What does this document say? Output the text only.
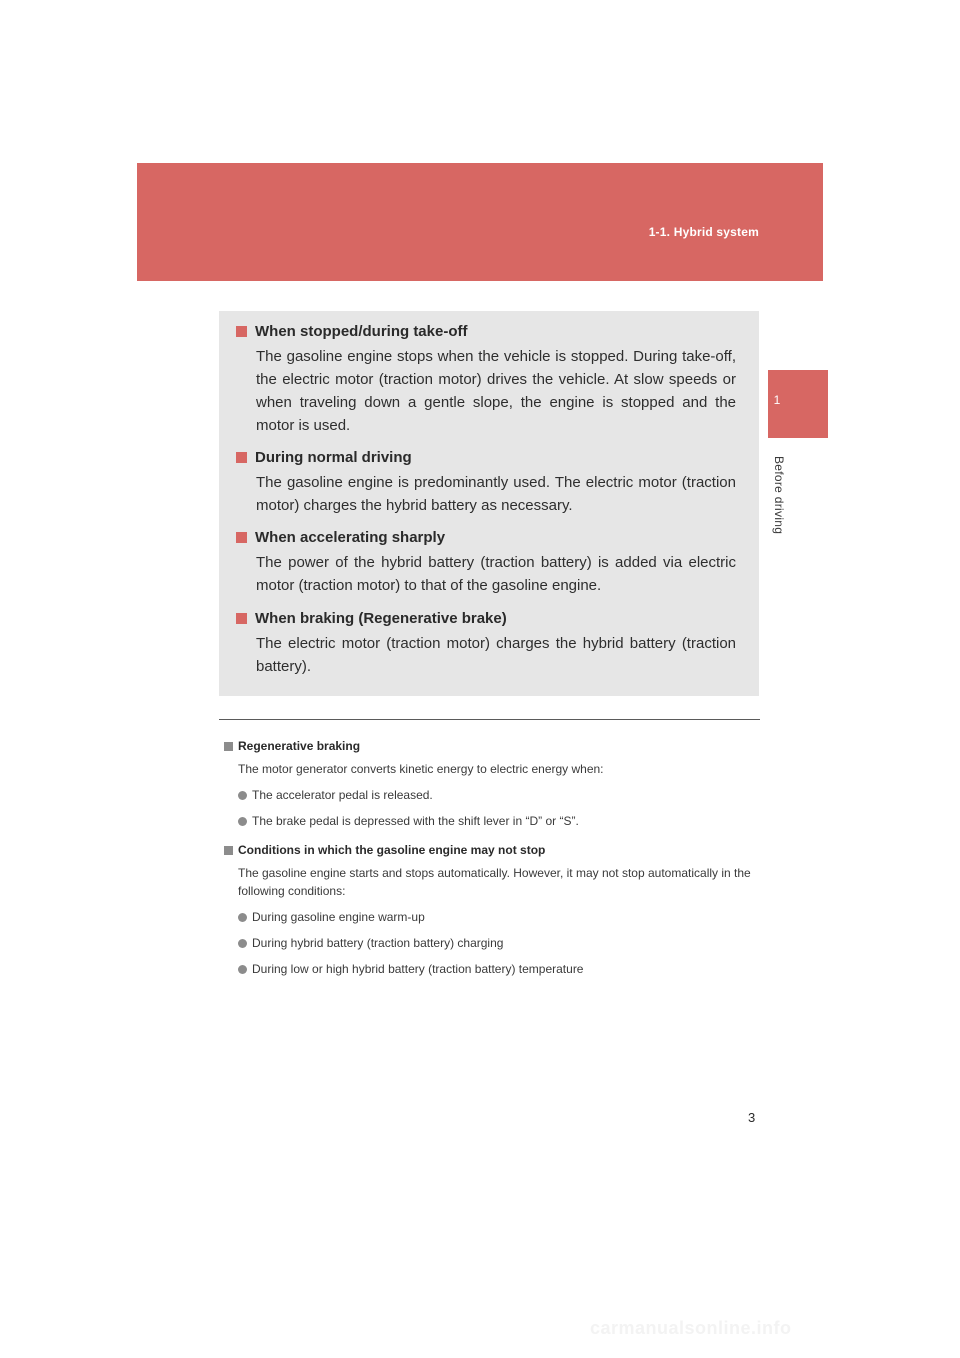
1-1. Hybrid system
1
Before driving
When stopped/during take-off
The gasoline engine stops when the vehicle is stopped. During take-off, the electric motor (traction motor) drives the vehicle. At slow speeds or when traveling down a gentle slope, the engine is stopped and the motor is used.
During normal driving
The gasoline engine is predominantly used. The electric motor (traction motor) charges the hybrid battery as necessary.
When accelerating sharply
The power of the hybrid battery (traction battery) is added via electric motor (traction motor) to that of the gasoline engine.
When braking (Regenerative brake)
The electric motor (traction motor) charges the hybrid battery (traction battery).
Regenerative braking
The motor generator converts kinetic energy to electric energy when:
The accelerator pedal is released.
The brake pedal is depressed with the shift lever in “D” or “S”.
Conditions in which the gasoline engine may not stop
The gasoline engine starts and stops automatically. However, it may not stop automatically in the following conditions:
During gasoline engine warm-up
During hybrid battery (traction battery) charging
During low or high hybrid battery (traction battery) temperature
3
carmanualsonline.info
